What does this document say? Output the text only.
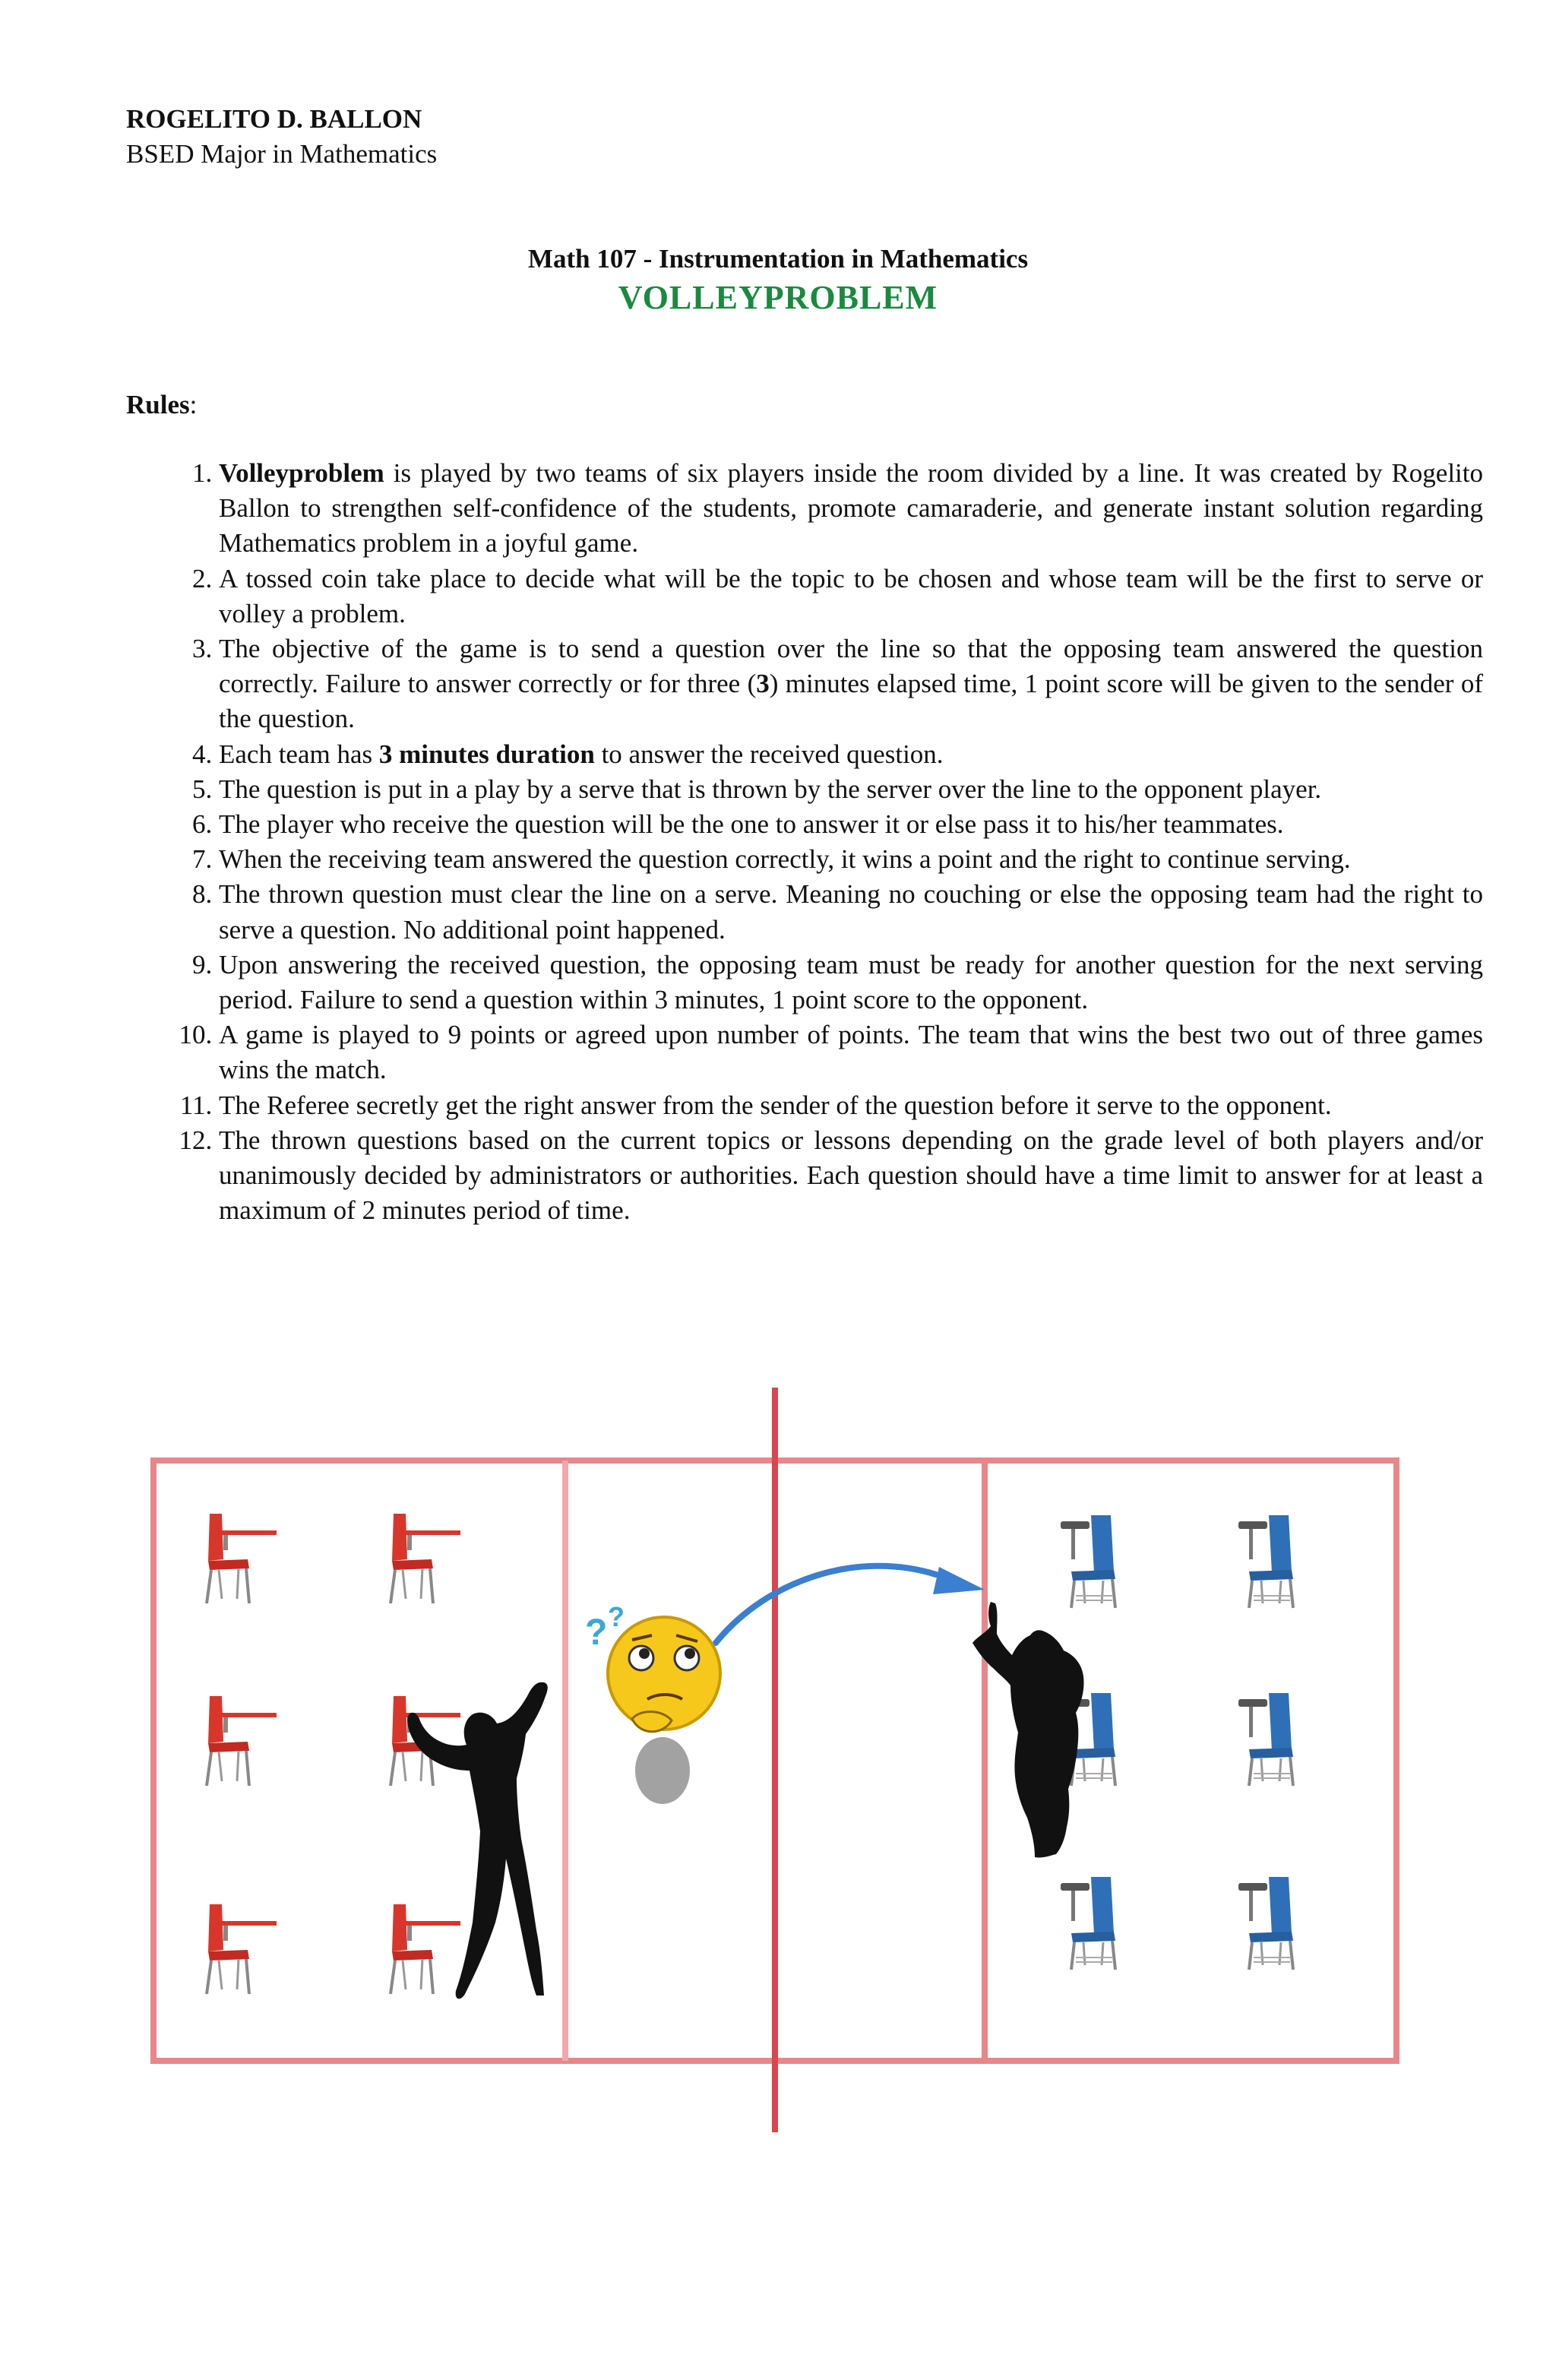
ROGELITO D. BALLON
BSED Major in Mathematics
Math 107 - Instrumentation in Mathematics
VOLLEYPROBLEM
Rules:
1. Volleyproblem is played by two teams of six players inside the room divided by a line. It was created by Rogelito Ballon to strengthen self-confidence of the students, promote camaraderie, and generate instant solution regarding Mathematics problem in a joyful game.
2. A tossed coin take place to decide what will be the topic to be chosen and whose team will be the first to serve or volley a problem.
3. The objective of the game is to send a question over the line so that the opposing team answered the question correctly. Failure to answer correctly or for three (3) minutes elapsed time, 1 point score will be given to the sender of the question.
4. Each team has 3 minutes duration to answer the received question.
5. The question is put in a play by a serve that is thrown by the server over the line to the opponent player.
6. The player who receive the question will be the one to answer it or else pass it to his/her teammates.
7. When the receiving team answered the question correctly, it wins a point and the right to continue serving.
8. The thrown question must clear the line on a serve. Meaning no couching or else the opposing team had the right to serve a question. No additional point happened.
9. Upon answering the received question, the opposing team must be ready for another question for the next serving period. Failure to send a question within 3 minutes, 1 point score to the opponent.
10. A game is played to 9 points or agreed upon number of points. The team that wins the best two out of three games wins the match.
11. The Referee secretly get the right answer from the sender of the question before it serve to the opponent.
12. The thrown questions based on the current topics or lessons depending on the grade level of both players and/or unanimously decided by administrators or authorities. Each question should have a time limit to answer for at least a maximum of 2 minutes period of time.
? ?
